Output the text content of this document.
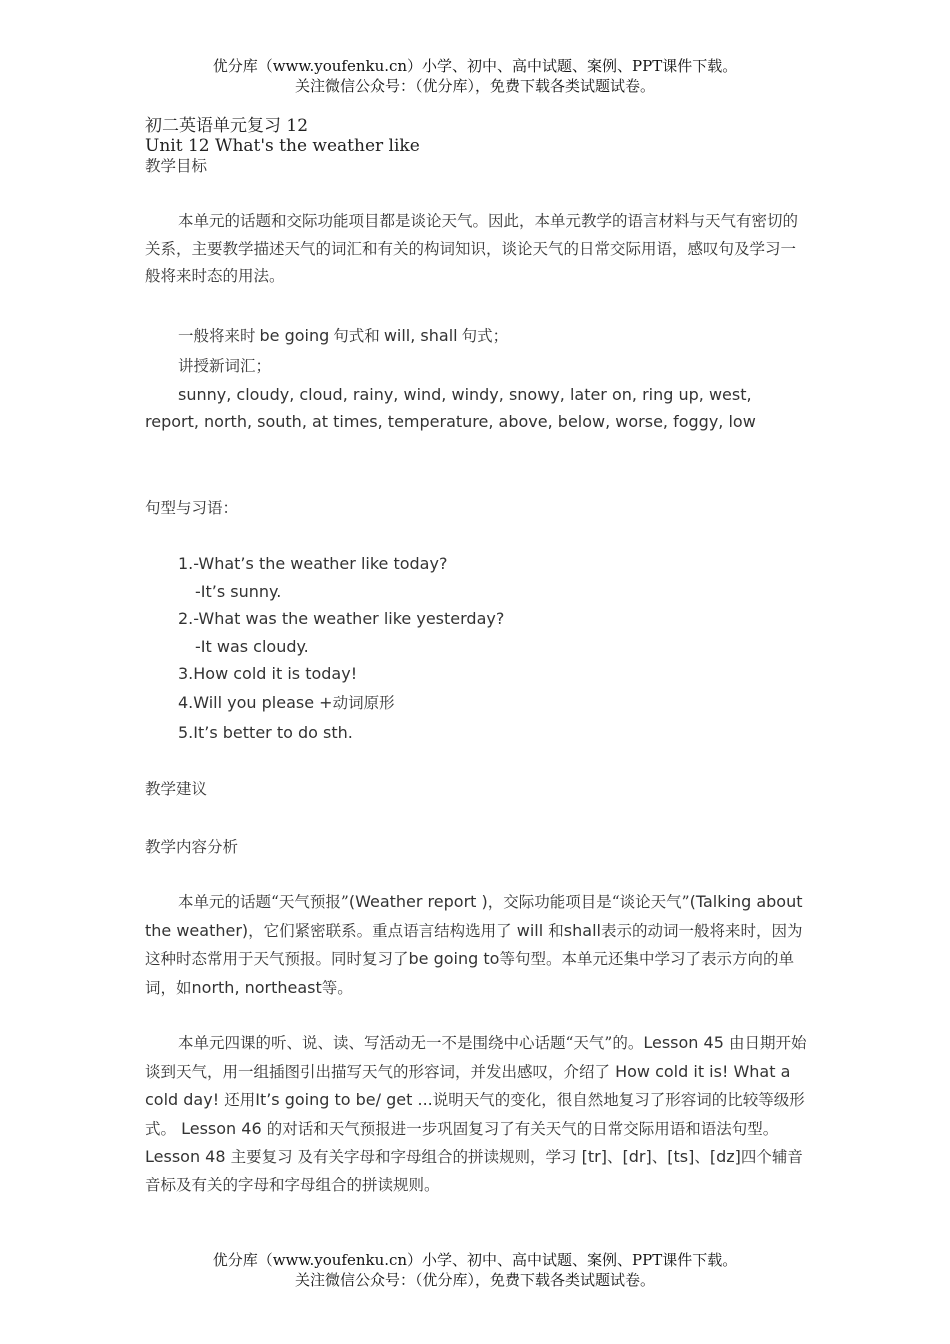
优分库（www.youfenku.cn）小学、初中、高中试题、案例、PPT课件下载。
关注微信公众号：（优分库），免费下载各类试题试卷。
初二英语单元复习 12
Unit 12 What's the weather like
教学目标
本单元的话题和交际功能项目都是谈论天气。因此，本单元教学的语言材料与天气有密切的关系，主要教学描述天气的词汇和有关的构词知识，谈论天气的日常交际用语，感叹句及学习一般将来时态的用法。
一般将来时 be going 句式和 will, shall 句式；
讲授新词汇；
sunny, cloudy, cloud, rainy, wind, windy, snowy, later on, ring up, west,
report, north, south, at times, temperature, above, below, worse, foggy, low
句型与习语：
1.-What’s the weather like today?
-It’s sunny.
2.-What was the weather like yesterday?
-It was cloudy.
3.How cold it is today!
4.Will you please +动词原形
5.It’s better to do sth.
教学建议
教学内容分析
本单元的话题“天气预报”(Weather report )，交际功能项目是“谈论天气”(Talking about the weather)，它们紧密联系。重点语言结构选用了 will 和shall表示的动词一般将来时，因为这种时态常用于天气预报。同时复习了be going to等句型。本单元还集中学习了表示方向的单词，如north, northeast等。
本单元四课的听、说、读、写活动无一不是围绕中心话题“天气”的。Lesson 45 由日期开始谈到天气，用一组插图引出描写天气的形容词，并发出感叹，介绍了 How cold it is! What a cold day! 还用It’s going to be/ get ...说明天气的变化，很自然地复习了形容词的比较等级形式。 Lesson 46 的对话和天气预报进一步巩固复习了有关天气的日常交际用语和语法句型。Lesson 48 主要复习 及有关字母和字母组合的拼读规则，学习 [tr]、[dr]、[ts]、[dz]四个辅音音标及有关的字母和字母组合的拼读规则。
优分库（www.youfenku.cn）小学、初中、高中试题、案例、PPT课件下载。
关注微信公众号：（优分库），免费下载各类试题试卷。
